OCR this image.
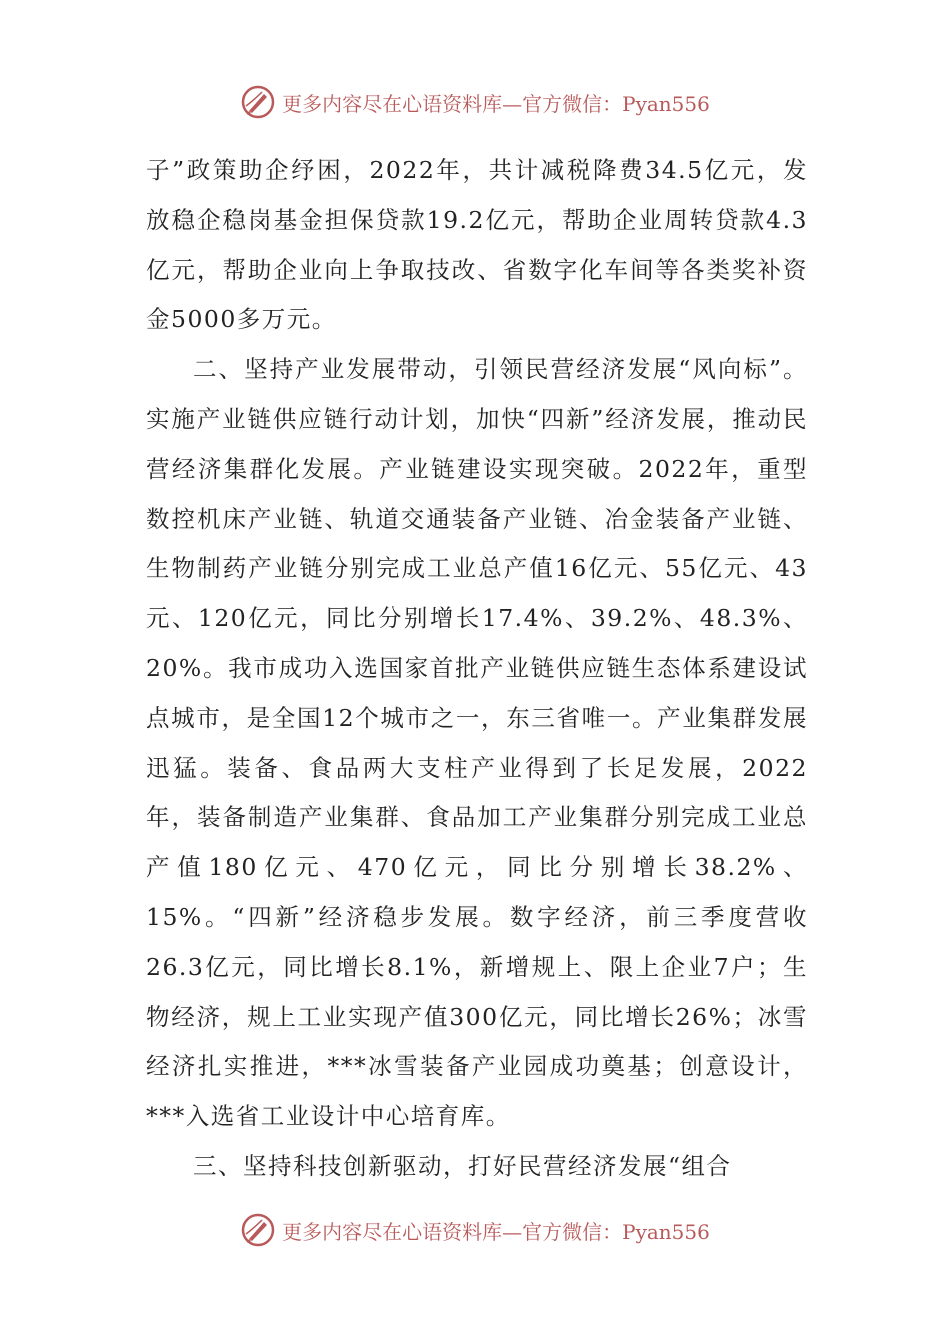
更多内容尽在心语资料库—官方微信：Pyan556

子”政策助企纾困，2022年，共计减税降费34.5亿元，发放稳企稳岗基金担保贷款19.2亿元，帮助企业周转贷款4.3亿元，帮助企业向上争取技改、省数字化车间等各类奖补资金5000多万元。

二、坚持产业发展带动，引领民营经济发展“风向标”。实施产业链供应链行动计划，加快“四新”经济发展，推动民营经济集群化发展。产业链建设实现突破。2022年，重型数控机床产业链、轨道交通装备产业链、冶金装备产业链、生物制药产业链分别完成工业总产值16亿元、55亿元、43元、120亿元，同比分别增长17.4%、39.2%、48.3%、20%。我市成功入选国家首批产业链供应链生态体系建设试点城市，是全国12个城市之一，东三省唯一。产业集群发展迅猛。装备、食品两大支柱产业得到了长足发展，2022年，装备制造产业集群、食品加工产业集群分别完成工业总产值180亿元、470亿元，同比分别增长38.2%、15%。“四新”经济稳步发展。数字经济，前三季度营收26.3亿元，同比增长8.1%，新增规上、限上企业7户；生物经济，规上工业实现产值300亿元，同比增长26%；冰雪经济扎实推进，***冰雪装备产业园成功奠基；创意设计，***入选省工业设计中心培育库。

三、坚持科技创新驱动，打好民营经济发展“组合

更多内容尽在心语资料库—官方微信：Pyan556
